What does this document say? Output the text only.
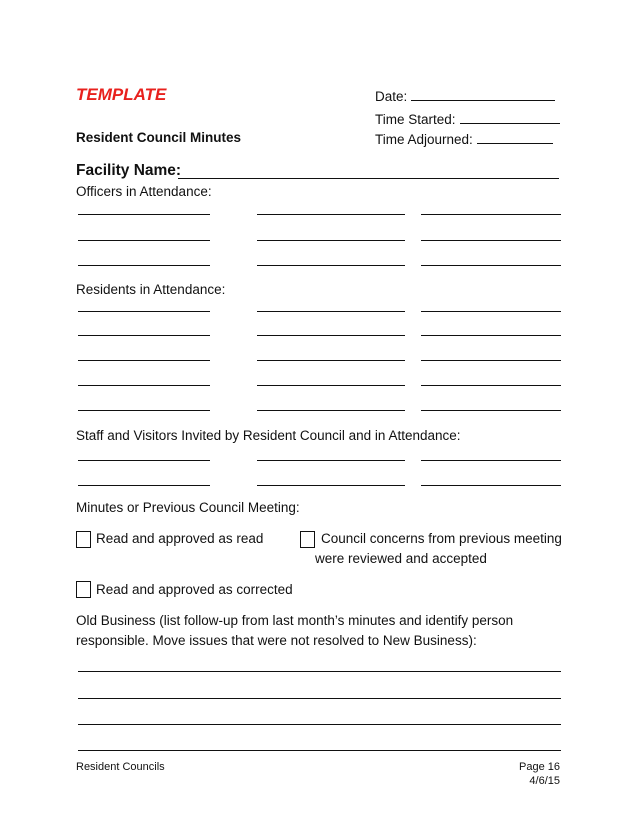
TEMPLATE	Date:
Time Started:
Resident Council Minutes	Time Adjourned:
Facility Name:
Officers in Attendance:
Residents in Attendance:
Staff and Visitors Invited by Resident Council and in Attendance:
Minutes or Previous Council Meeting:
Read and approved as read	Council concerns from previous meeting
were reviewed and accepted
Read and approved as corrected
Old Business (list follow-up from last month’s minutes and identify person
responsible. Move issues that were not resolved to New Business):
Resident Councils	Page 16
4/6/15
